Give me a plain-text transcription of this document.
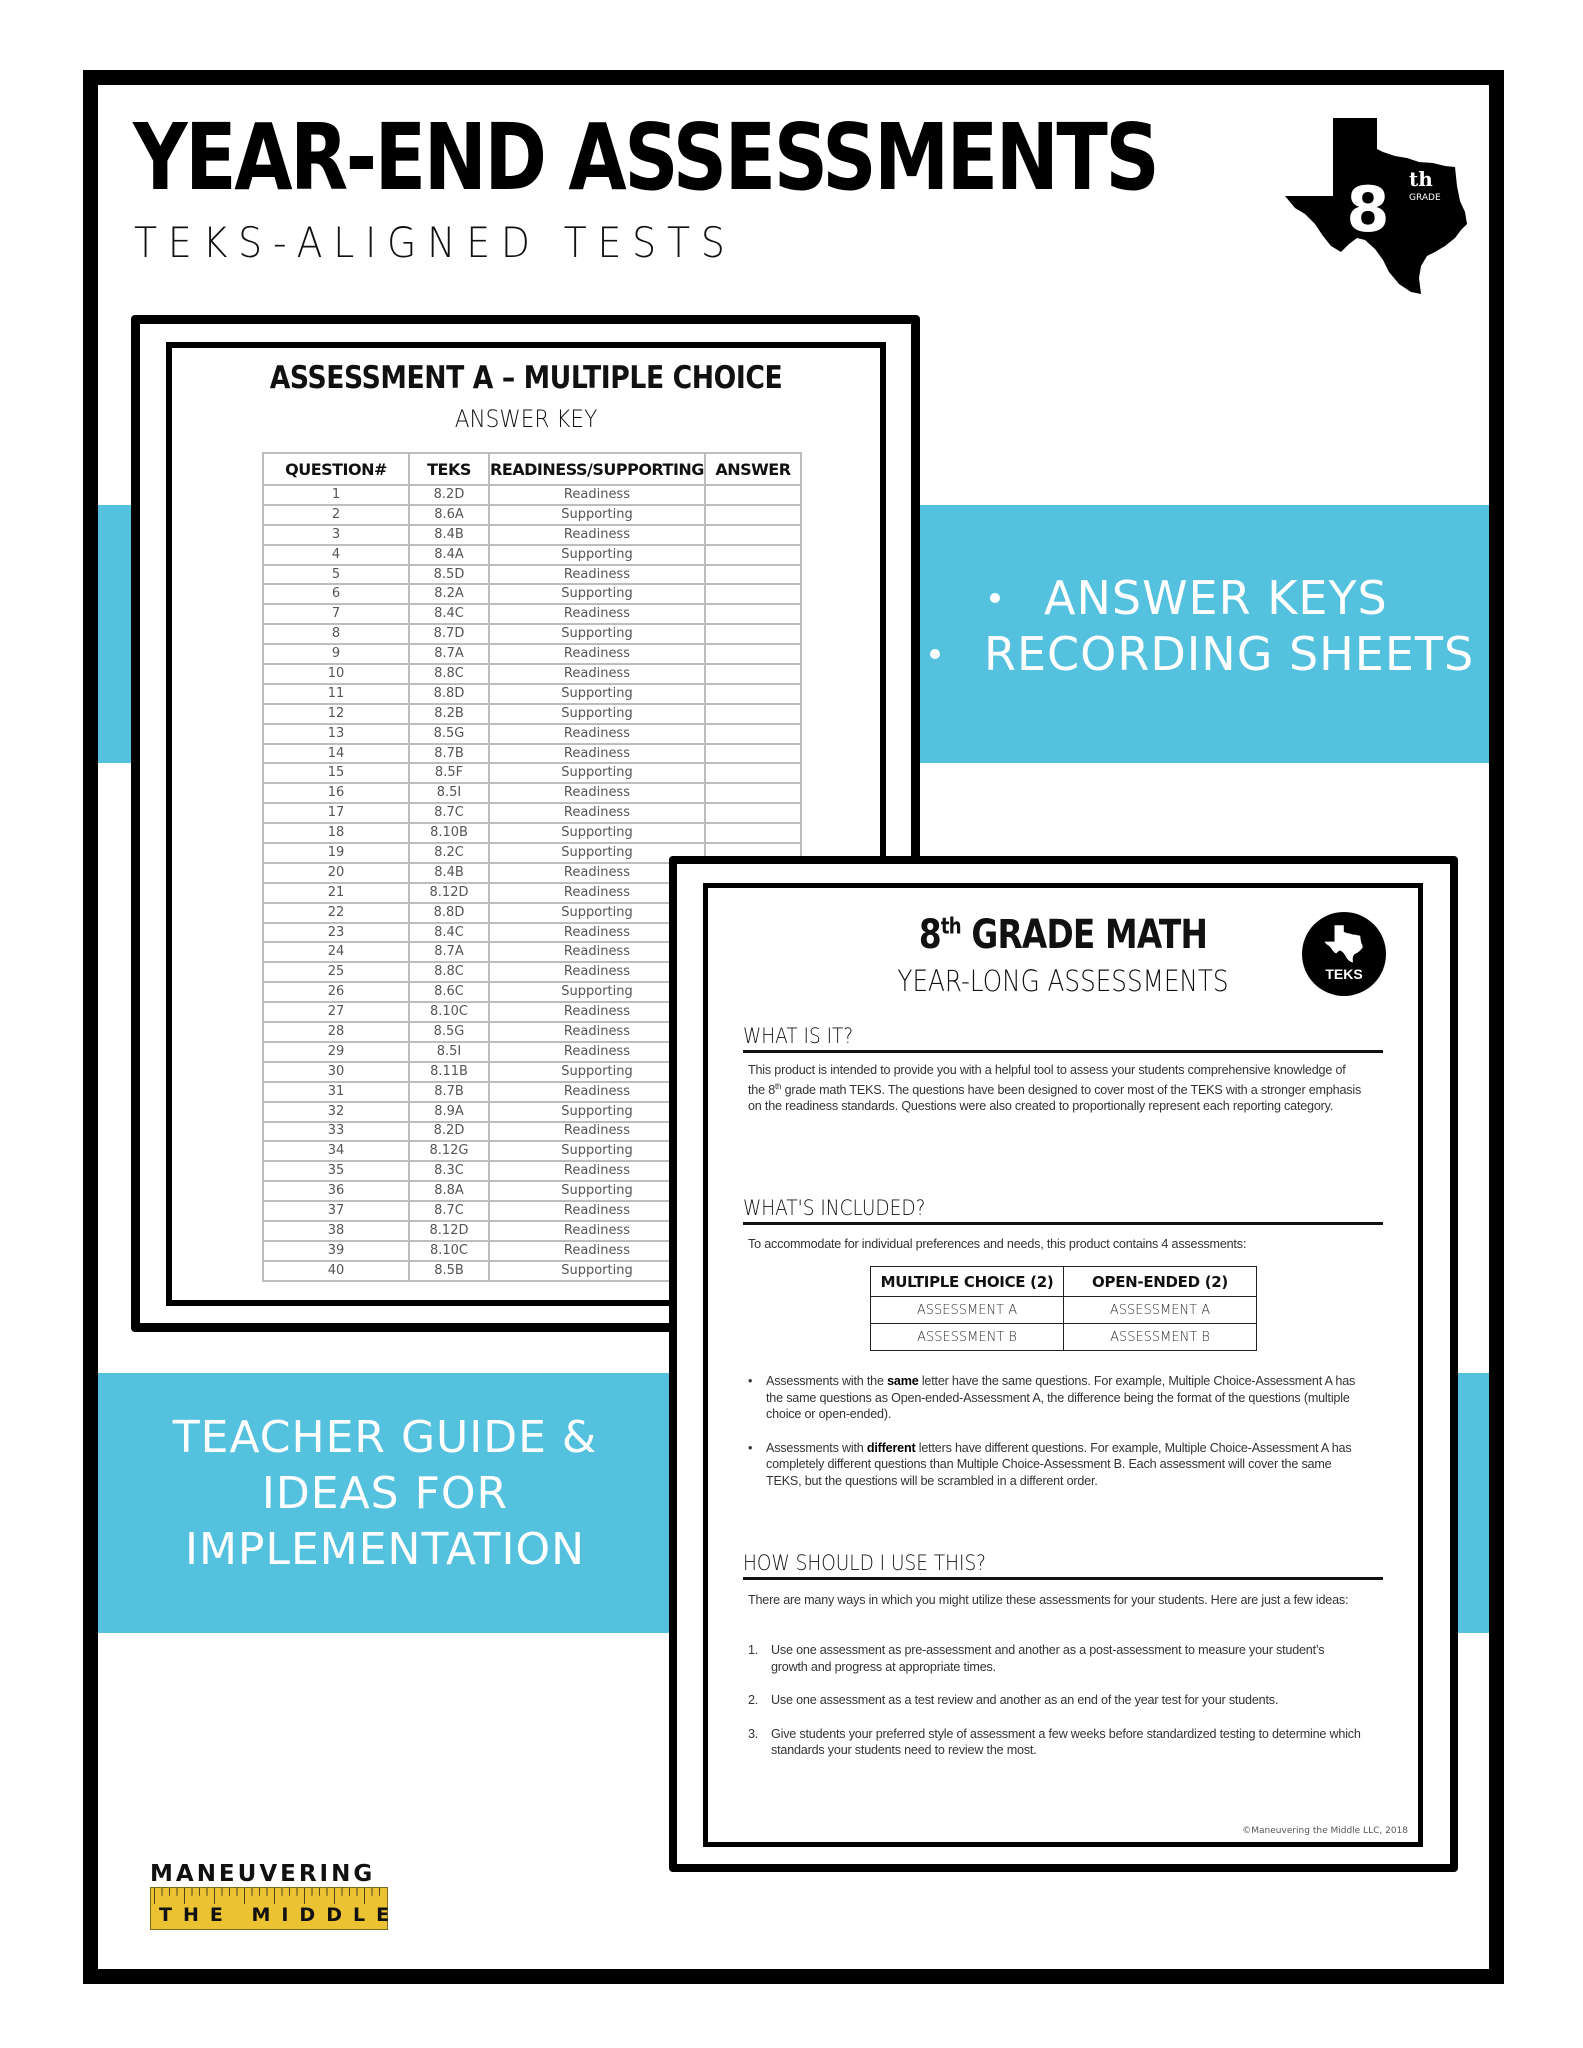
YEAR-END ASSESSMENTS
TEKS-ALIGNED TESTS	8 th
GRADE
ANSWER KEYS
RECORDING SHEETS
TEACHER GUIDE &
IDEAS FOR
IMPLEMENTATION
ASSESSMENT A – MULTIPLE CHOICE
ANSWER KEY
QUESTION#	TEKS	READINESS/SUPPORTING	ANSWER
1	8.2D	Readiness	
2	8.6A	Supporting	
3	8.4B	Readiness	
4	8.4A	Supporting	
5	8.5D	Readiness	
6	8.2A	Supporting	
7	8.4C	Readiness	
8	8.7D	Supporting	
9	8.7A	Readiness	
10	8.8C	Readiness	
11	8.8D	Supporting	
12	8.2B	Supporting	
13	8.5G	Readiness	
14	8.7B	Readiness	
15	8.5F	Supporting	
16	8.5I	Readiness	
17	8.7C	Readiness	
18	8.10B	Supporting	
19	8.2C	Supporting	
20	8.4B	Readiness	
21	8.12D	Readiness	
22	8.8D	Supporting	
23	8.4C	Readiness	
24	8.7A	Readiness	
25	8.8C	Readiness	
26	8.6C	Supporting	
27	8.10C	Readiness	
28	8.5G	Readiness	
29	8.5I	Readiness	
30	8.11B	Supporting	
31	8.7B	Readiness	
32	8.9A	Supporting	
33	8.2D	Readiness	
34	8.12G	Supporting	
35	8.3C	Readiness	
36	8.8A	Supporting	
37	8.7C	Readiness	
38	8.12D	Readiness	
39	8.10C	Readiness	
40	8.5B	Supporting	
8th GRADE MATH
YEAR-LONG ASSESSMENTS	TEKS
WHAT IS IT?
This product is intended to provide you with a helpful tool to assess your students comprehensive knowledge of the 8th grade math TEKS. The questions have been designed to cover most of the TEKS with a stronger emphasis on the readiness standards. Questions were also created to proportionally represent each reporting category.
WHAT'S INCLUDED?
To accommodate for individual preferences and needs, this product contains 4 assessments:
MULTIPLE CHOICE (2)	OPEN-ENDED (2)
ASSESSMENT A	ASSESSMENT A
ASSESSMENT B	ASSESSMENT B
• Assessments with the same letter have the same questions. For example, Multiple Choice-Assessment A has the same questions as Open-ended-Assessment A, the difference being the format of the questions (multiple choice or open-ended).
• Assessments with different letters have different questions. For example, Multiple Choice-Assessment A has completely different questions than Multiple Choice-Assessment B. Each assessment will cover the same TEKS, but the questions will be scrambled in a different order.
HOW SHOULD I USE THIS?
There are many ways in which you might utilize these assessments for your students. Here are just a few ideas:
1. Use one assessment as pre-assessment and another as a post-assessment to measure your student’s growth and progress at appropriate times.
2. Use one assessment as a test review and another as an end of the year test for your students.
3. Give students your preferred style of assessment a few weeks before standardized testing to determine which standards your students need to review the most.
©Maneuvering the Middle LLC, 2018
MANEUVERING
THE MIDDLE
